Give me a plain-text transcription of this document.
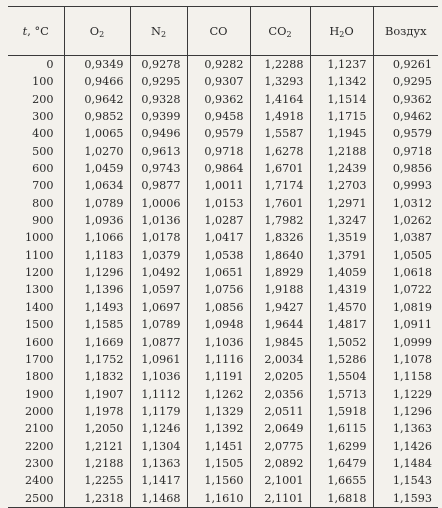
t, °C	$O_2$	$N_2$	CO	$CO_2$	$H_2O$	Воздух
0	0,9349	0,9278	0,9282	1,2288	1,1237	0,9261
100	0,9466	0,9295	0,9307	1,3293	1,1342	0,9295
200	0,9642	0,9328	0,9362	1,4164	1,1514	0,9362
300	0,9852	0,9399	0,9458	1,4918	1,1715	0,9462
400	1,0065	0,9496	0,9579	1,5587	1,1945	0,9579
500	1,0270	0,9613	0,9718	1,6278	1,2188	0,9718
600	1,0459	0,9743	0,9864	1,6701	1,2439	0,9856
700	1,0634	0,9877	1,0011	1,7174	1,2703	0,9993
800	1,0789	1,0006	1,0153	1,7601	1,2971	1,0312
900	1,0936	1,0136	1,0287	1,7982	1,3247	1,0262
1000	1,1066	1,0178	1,0417	1,8326	1,3519	1,0387
1100	1,1183	1,0379	1,0538	1,8640	1,3791	1,0505
1200	1,1296	1,0492	1,0651	1,8929	1,4059	1,0618
1300	1,1396	1,0597	1,0756	1,9188	1,4319	1,0722
1400	1,1493	1,0697	1,0856	1,9427	1,4570	1,0819
1500	1,1585	1,0789	1,0948	1,9644	1,4817	1,0911
1600	1,1669	1,0877	1,1036	1,9845	1,5052	1,0999
1700	1,1752	1,0961	1,1116	2,0034	1,5286	1,1078
1800	1,1832	1,1036	1,1191	2,0205	1,5504	1,1158
1900	1,1907	1,1112	1,1262	2,0356	1,5713	1,1229
2000	1,1978	1,1179	1,1329	2,0511	1,5918	1,1296
2100	1,2050	1,1246	1,1392	2,0649	1,6115	1,1363
2200	1,2121	1,1304	1,1451	2,0775	1,6299	1,1426
2300	1,2188	1,1363	1,1505	2,0892	1,6479	1,1484
2400	1,2255	1,1417	1,1560	2,1001	1,6655	1,1543
2500	1,2318	1,1468	1,1610	2,1101	1,6818	1,1593
